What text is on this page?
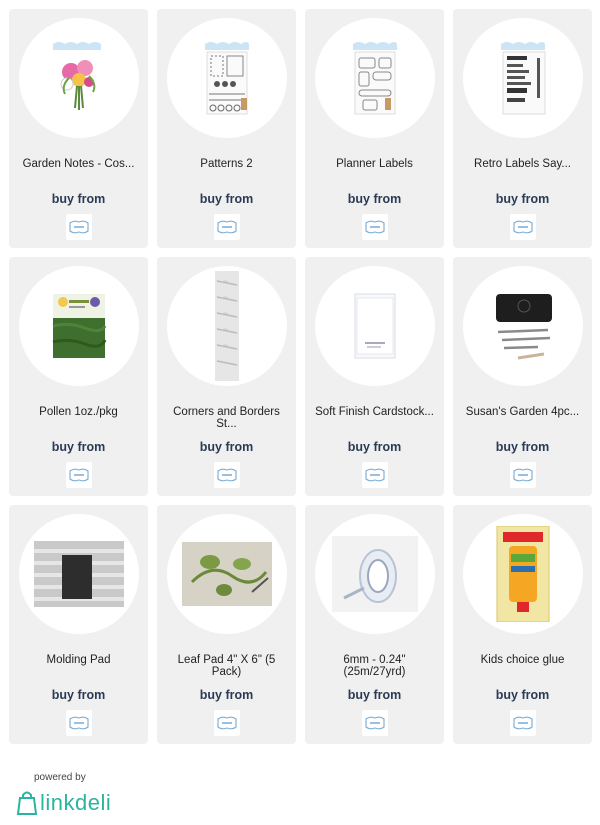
Garden Notes - Cos...
buy from
Patterns 2
buy from
Planner Labels
buy from
Retro Labels Say...
buy from
Pollen 1oz./pkg
buy from
Corners and Borders St...
buy from
Soft Finish Cardstock...
buy from
Susan's Garden 4pc...
buy from
Molding Pad
buy from
Leaf Pad 4" X 6" (5 Pack)
buy from
6mm - 0.24" (25m/27yrd)
buy from
Kids choice glue
buy from
powered by
linkdeli
